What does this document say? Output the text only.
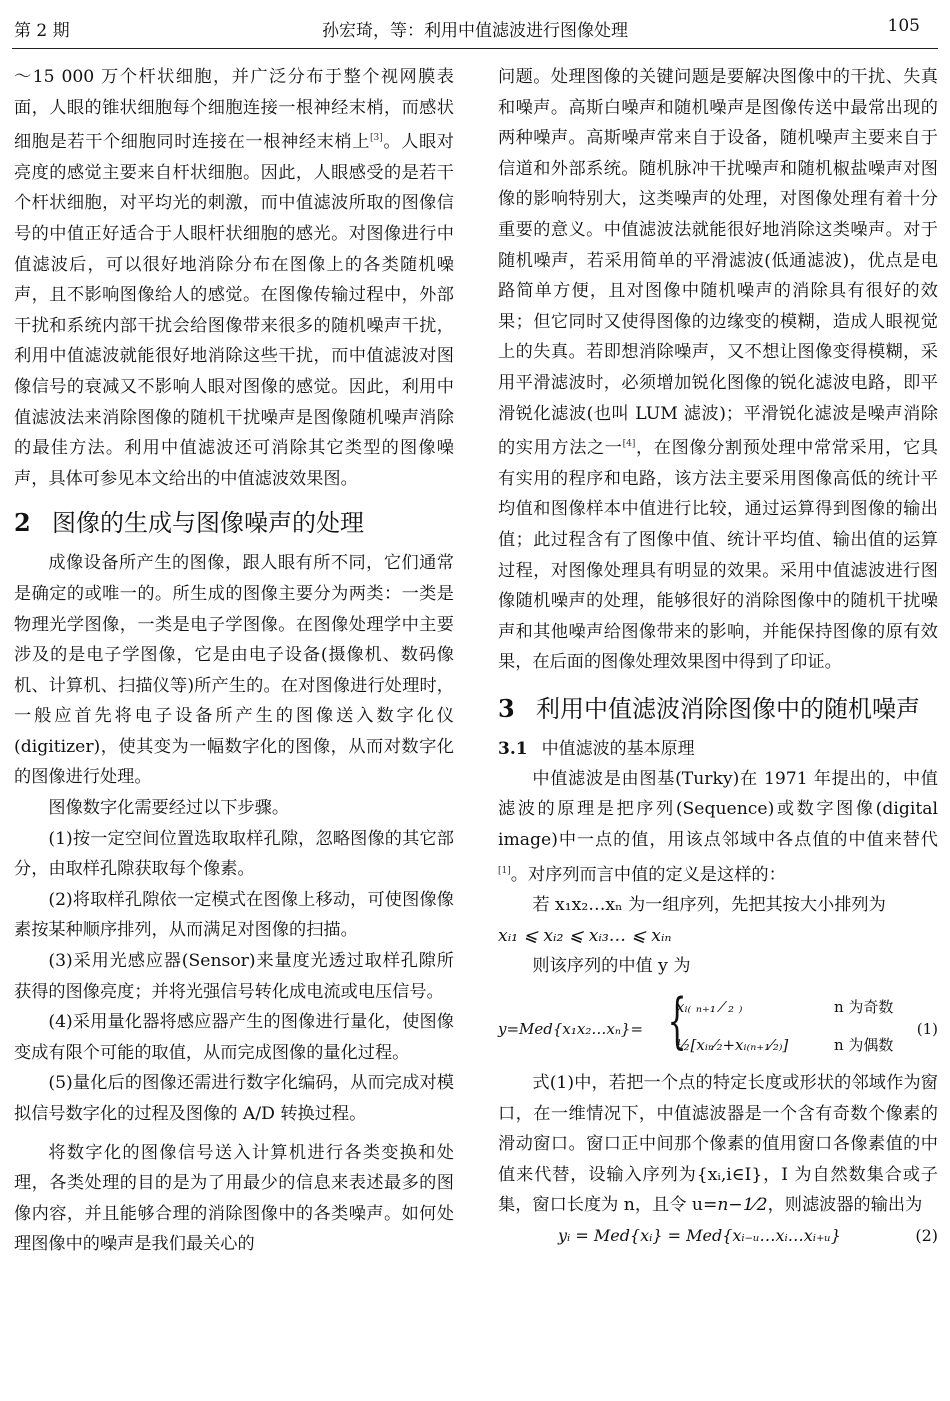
第 2 期	孙宏琦，等：利用中值滤波进行图像处理	105

～15 000 万个杆状细胞，并广泛分布于整个视网膜表面，人眼的锥状细胞每个细胞连接一根神经末梢，而感状细胞是若干个细胞同时连接在一根神经末梢上[3]。人眼对亮度的感觉主要来自杆状细胞。因此，人眼感受的是若干个杆状细胞，对平均光的刺激，而中值滤波所取的图像信号的中值正好适合于人眼杆状细胞的感光。对图像进行中值滤波后，可以很好地消除分布在图像上的各类随机噪声，且不影响图像给人的感觉。在图像传输过程中，外部干扰和系统内部干扰会给图像带来很多的随机噪声干扰，利用中值滤波就能很好地消除这些干扰，而中值滤波对图像信号的衰减又不影响人眼对图像的感觉。因此，利用中值滤波法来消除图像的随机干扰噪声是图像随机噪声消除的最佳方法。利用中值滤波还可消除其它类型的图像噪声，具体可参见本文给出的中值滤波效果图。

2 图像的生成与图像噪声的处理

成像设备所产生的图像，跟人眼有所不同，它们通常是确定的或唯一的。所生成的图像主要分为两类：一类是物理光学图像，一类是电子学图像。在图像处理学中主要涉及的是电子学图像，它是由电子设备(摄像机、数码像机、计算机、扫描仪等)所产生的。在对图像进行处理时，一般应首先将电子设备所产生的图像送入数字化仪(digitizer)，使其变为一幅数字化的图像，从而对数字化的图像进行处理。

图像数字化需要经过以下步骤。

(1)按一定空间位置选取取样孔隙，忽略图像的其它部分，由取样孔隙获取每个像素。

(2)将取样孔隙依一定模式在图像上移动，可使图像像素按某种顺序排列，从而满足对图像的扫描。

(3)采用光感应器(Sensor)来量度光透过取样孔隙所获得的图像亮度；并将光强信号转化成电流或电压信号。

(4)采用量化器将感应器产生的图像进行量化，使图像变成有限个可能的取值，从而完成图像的量化过程。

(5)量化后的图像还需进行数字化编码，从而完成对模拟信号数字化的过程及图像的 A/D 转换过程。

将数字化的图像信号送入计算机进行各类变换和处理，各类处理的目的是为了用最少的信息来表述最多的图像内容，并且能够合理的消除图像中的各类噪声。如何处理图像中的噪声是我们最关心的

问题。处理图像的关键问题是要解决图像中的干扰、失真和噪声。高斯白噪声和随机噪声是图像传送中最常出现的两种噪声。高斯噪声常来自于设备，随机噪声主要来自于信道和外部系统。随机脉冲干扰噪声和随机椒盐噪声对图像的影响特别大，这类噪声的处理，对图像处理有着十分重要的意义。中值滤波法就能很好地消除这类噪声。对于随机噪声，若采用简单的平滑滤波(低通滤波)，优点是电路简单方便，且对图像中随机噪声的消除具有很好的效果；但它同时又使得图像的边缘变的模糊，造成人眼视觉上的失真。若即想消除噪声，又不想让图像变得模糊，采用平滑滤波时，必须增加锐化图像的锐化滤波电路，即平滑锐化滤波(也叫 LUM 滤波)；平滑锐化滤波是噪声消除的实用方法之一[4]，在图像分割预处理中常常采用，它具有实用的程序和电路，该方法主要采用图像高低的统计平均值和图像样本中值进行比较，通过运算得到图像的输出值；此过程含有了图像中值、统计平均值、输出值的运算过程，对图像处理具有明显的效果。采用中值滤波进行图像随机噪声的处理，能够很好的消除图像中的随机干扰噪声和其他噪声给图像带来的影响，并能保持图像的原有效果，在后面的图像处理效果图中得到了印证。

3 利用中值滤波消除图像中的随机噪声
3.1 中值滤波的基本原理

中值滤波是由图基(Turky)在 1971 年提出的，中值滤波的原理是把序列(Sequence)或数字图像(digital image)中一点的值，用该点邻域中各点值的中值来替代[1]。对序列而言中值的定义是这样的：

若 x₁x₂…xₙ 为一组序列，先把其按大小排列为

xᵢ₁ ⩽ xᵢ₂ ⩽ xᵢ₃… ⩽ xᵢₙ

则该序列的中值 y 为

y=Med{x₁x₂…xₙ}= {
xᵢ₍ ₙ₊₁ ⁄ ₂ ₎
½[xᵢₙ⁄₂+xᵢ₍ₙ₊₁⁄₂₎]
n 为奇数
n 为偶数
(1)

式(1)中，若把一个点的特定长度或形状的邻域作为窗口，在一维情况下，中值滤波器是一个含有奇数个像素的滑动窗口。窗口正中间那个像素的值用窗口各像素值的中值来代替，设输入序列为{xᵢ,i∈I}，I 为自然数集合或子集，窗口长度为 n，且令 u=n−1⁄2，则滤波器的输出为

yᵢ = Med{xᵢ} = Med{xᵢ₋ᵤ…xᵢ…xᵢ₊ᵤ}	(2)
